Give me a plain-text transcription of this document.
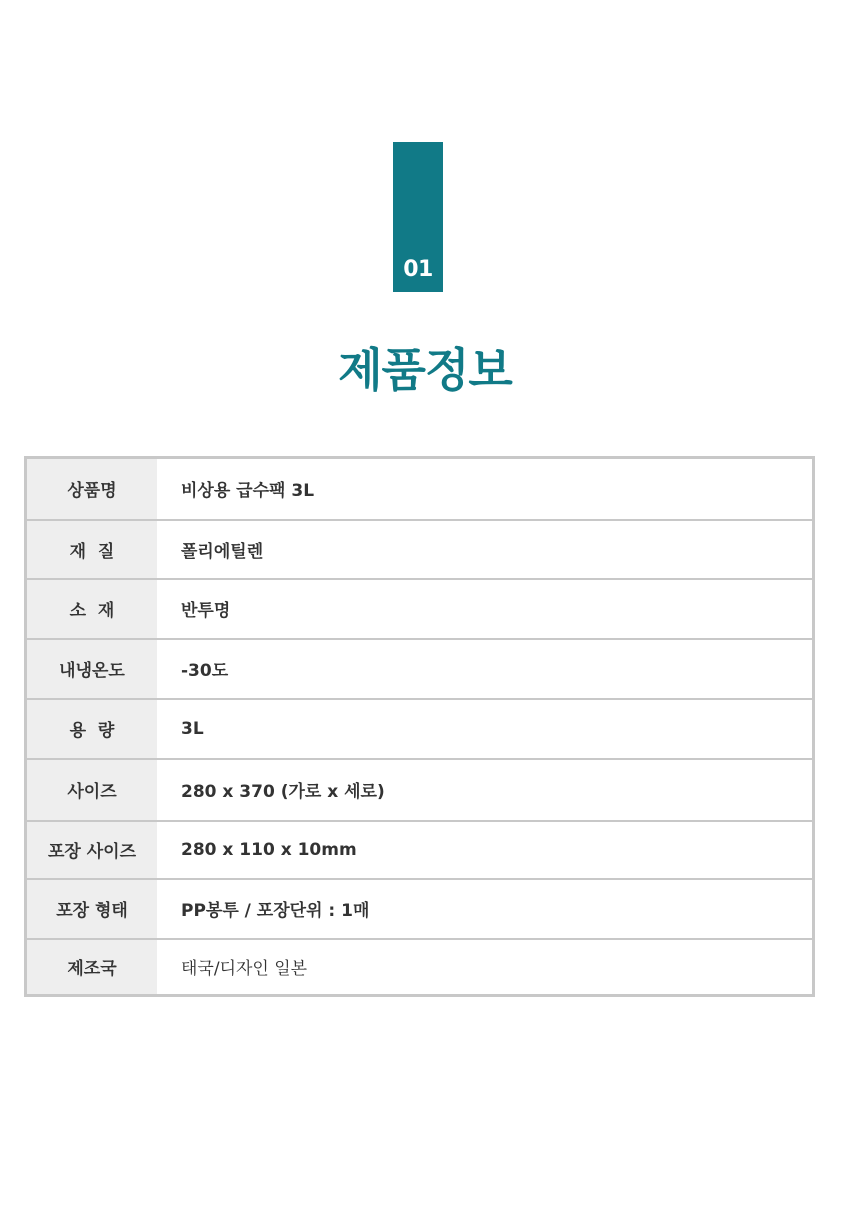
01
제품정보
상품명	비상용 급수팩 3L
재  질	폴리에틸렌
소  재	반투명
내냉온도	-30도
용  량	3L
사이즈	280 x 370 (가로 x 세로)
포장 사이즈	280 x 110 x 10mm
포장 형태	PP봉투 / 포장단위 : 1매
제조국	태국/디자인 일본
